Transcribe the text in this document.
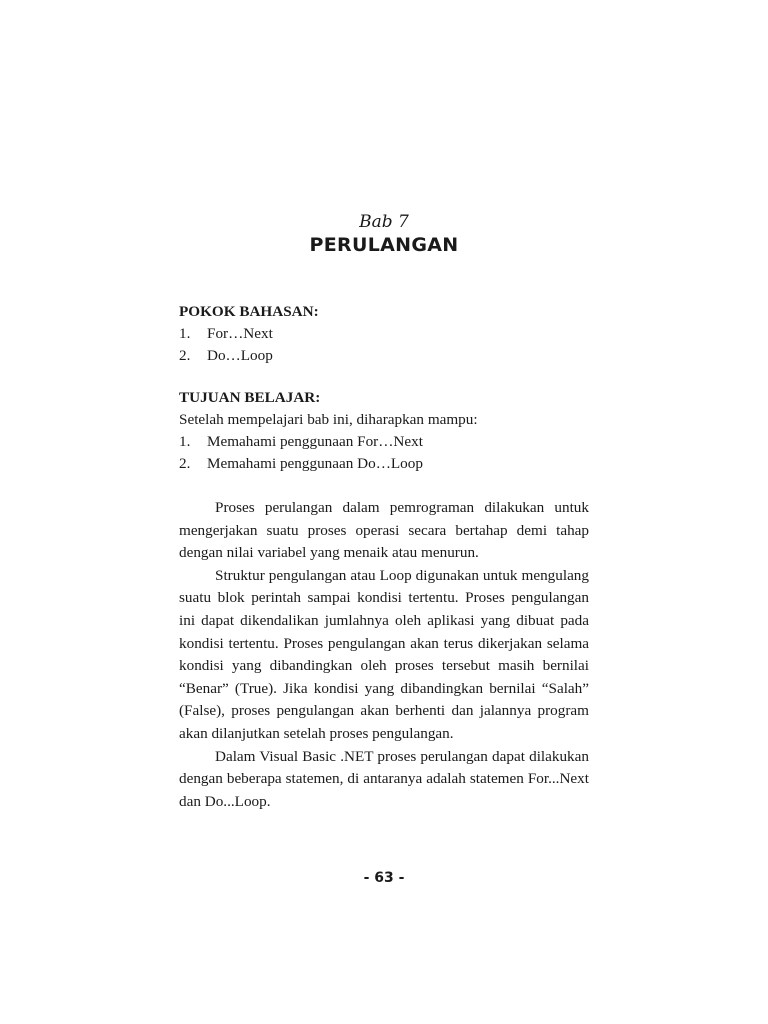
Bab 7
PERULANGAN
POKOK BAHASAN:
1.	For…Next
2.	Do…Loop
TUJUAN BELAJAR:
Setelah mempelajari bab ini, diharapkan mampu:
1.	Memahami penggunaan For…Next
2.	Memahami penggunaan Do…Loop

Proses perulangan dalam pemrograman dilakukan untuk mengerjakan suatu proses operasi secara bertahap demi tahap dengan nilai variabel yang menaik atau menurun.

Struktur pengulangan atau Loop digunakan untuk mengulang suatu blok perintah sampai kondisi tertentu. Proses pengulangan ini dapat dikendalikan jumlahnya oleh aplikasi yang dibuat pada kondisi tertentu. Proses pengulangan akan terus dikerjakan selama kondisi yang dibandingkan oleh proses tersebut masih bernilai “Benar” (True). Jika kondisi yang dibandingkan bernilai “Salah” (False), proses pengulangan akan berhenti dan jalannya program akan dilanjutkan setelah proses pengulangan.

Dalam Visual Basic .NET proses perulangan dapat dilakukan dengan beberapa statemen, di antaranya adalah statemen For...Next dan Do...Loop.

- 63 -
